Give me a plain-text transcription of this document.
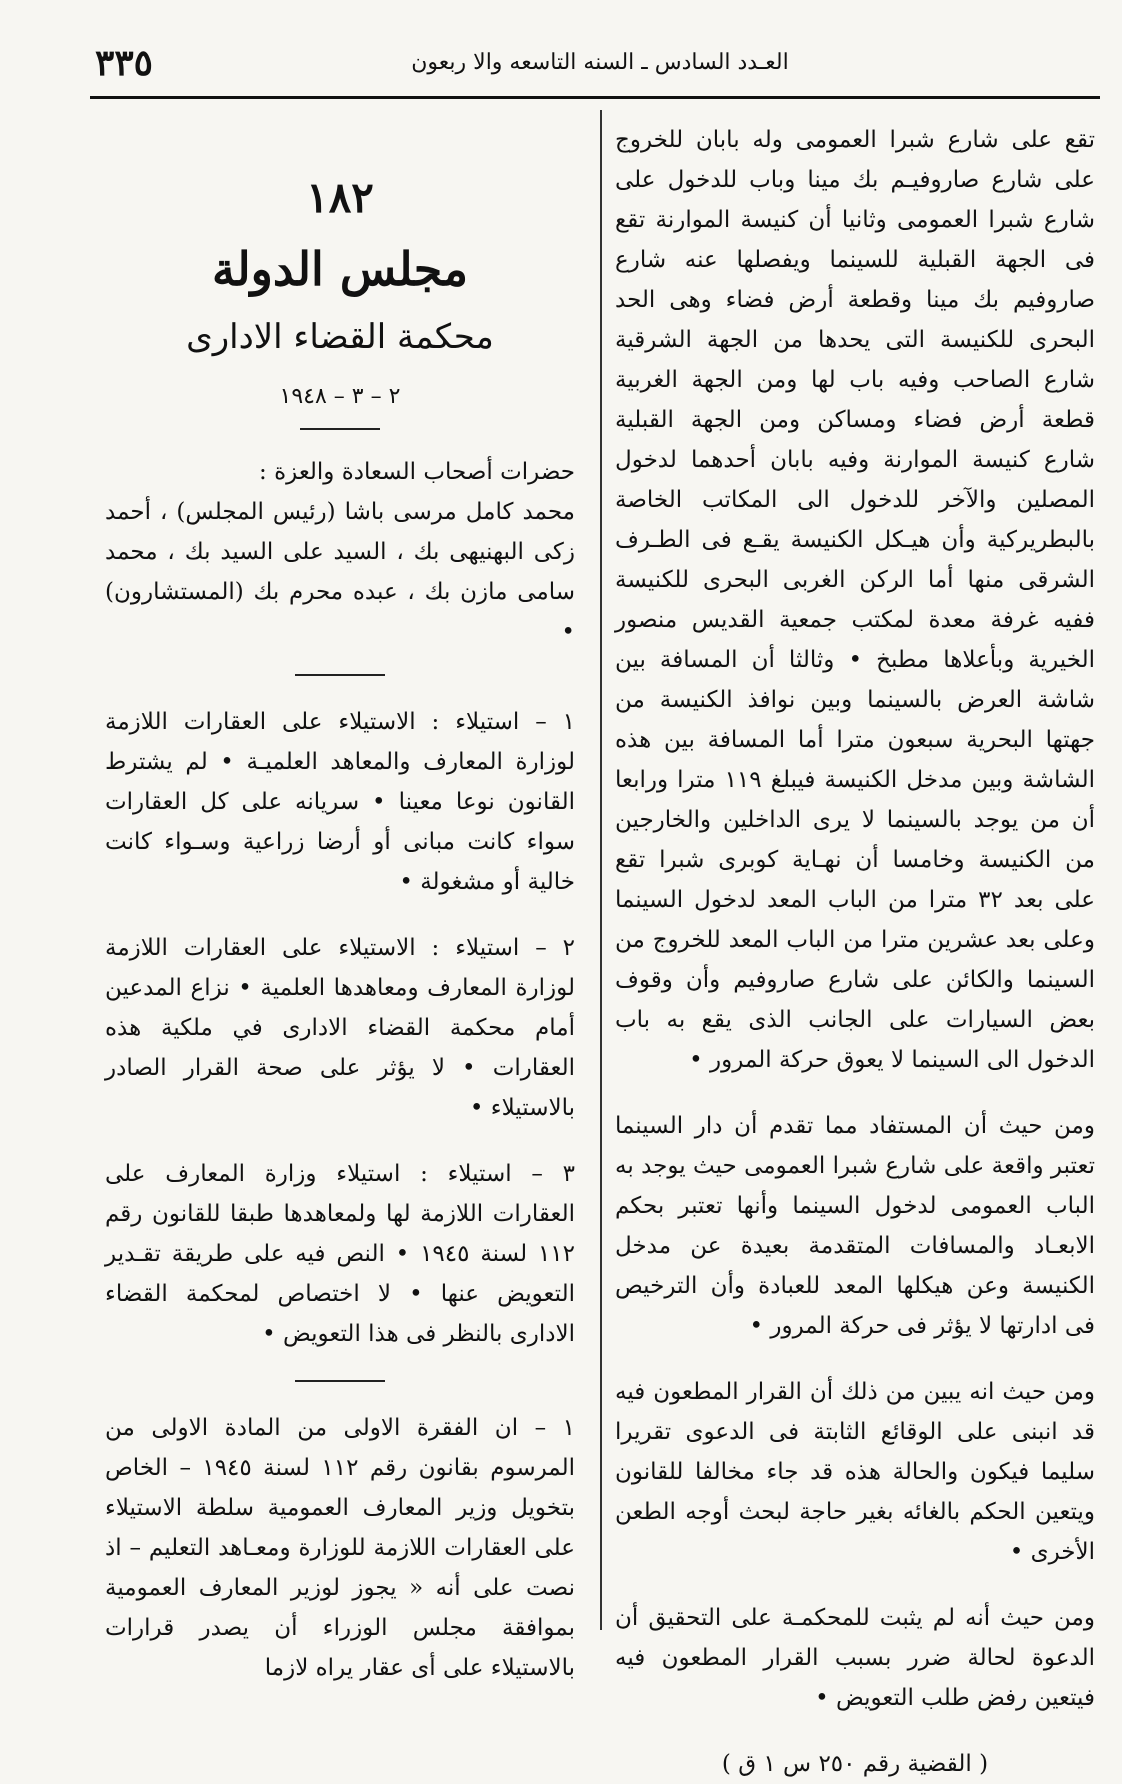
٣٣٥	العـدد السادس ـ السنه التاسعه والا ربعون

تقع على شارع شبرا العمومى وله بابان للخروج على شارع صاروفيـم بك مينا وباب للدخول على شارع شبرا العمومى وثانيا أن كنيسة الموارنة تقع فى الجهة القبلية للسينما ويفصلها عنه شارع صاروفيم بك مينا وقطعة أرض فضاء وهى الحد البحرى للكنيسة التى يحدها من الجهة الشرقية شارع الصاحب وفيه باب لها ومن الجهة الغربية قطعة أرض فضاء ومساكن ومن الجهة القبلية شارع كنيسة الموارنة وفيه بابان أحدهما لدخول المصلين والآخر للدخول الى المكاتب الخاصة بالبطريركية وأن هيـكل الكنيسة يقـع فى الطـرف الشرقى منها أما الركن الغربى البحرى للكنيسة ففيه غرفة معدة لمكتب جمعية القديس منصور الخيرية وبأعلاها مطبخ • وثالثا أن المسافة بين شاشة العرض بالسينما وبين نوافذ الكنيسة من جهتها البحرية سبعون مترا أما المسافة بين هذه الشاشة وبين مدخل الكنيسة فيبلغ ١١٩ مترا ورابعا أن من يوجد بالسينما لا يرى الداخلين والخارجين من الكنيسة وخامسا أن نهـاية كوبرى شبرا تقع على بعد ٣٢ مترا من الباب المعد لدخول السينما وعلى بعد عشرين مترا من الباب المعد للخروج من السينما والكائن على شارع صاروفيم وأن وقوف بعض السيارات على الجانب الذى يقع به باب الدخول الى السينما لا يعوق حركة المرور •

ومن حيث أن المستفاد مما تقدم أن دار السينما تعتبر واقعة على شارع شبرا العمومى حيث يوجد به الباب العمومى لدخول السينما وأنها تعتبر بحكم الابعـاد والمسافات المتقدمة بعيدة عن مدخل الكنيسة وعن هيكلها المعد للعبادة وأن الترخيص فى ادارتها لا يؤثر فى حركة المرور •

ومن حيث انه يبين من ذلك أن القرار المطعون فيه قد انبنى على الوقائع الثابتة فى الدعوى تقريرا سليما فيكون والحالة هذه قد جاء مخالفا للقانون ويتعين الحكم بالغائه بغير حاجة لبحث أوجه الطعن الأخرى •

ومن حيث أنه لم يثبت للمحكمـة على التحقيق أن الدعوة لحالة ضرر بسبب القرار المطعون فيه فيتعين رفض طلب التعويض •

( القضية رقم ٢٥٠ س ١ ق )
١٨٢
مجلس الدولة
محكمة القضاء الادارى
٢ – ٣ – ١٩٤٨

حضرات أصحاب السعادة والعزة :

محمد كامل مرسى باشا (رئيس المجلس) ، أحمد زكى البهنيهى بك ، السيد على السيد بك ، محمد سامى مازن بك ، عبده محرم بك (المستشارون) •

١ – استيلاء : الاستيلاء على العقارات اللازمة لوزارة المعارف والمعاهد العلميـة • لم يشترط القانون نوعا معينا • سريانه على كل العقارات سواء كانت مبانى أو أرضا زراعية وسـواء كانت خالية أو مشغولة •

٢ – استيلاء : الاستيلاء على العقارات اللازمة لوزارة المعارف ومعاهدها العلمية • نزاع المدعين أمام محكمة القضاء الادارى في ملكية هذه العقارات • لا يؤثر على صحة القرار الصادر بالاستيلاء •

٣ – استيلاء : استيلاء وزارة المعارف على العقارات اللازمة لها ولمعاهدها طبقا للقانون رقم ١١٢ لسنة ١٩٤٥ • النص فيه على طريقة تقـدير التعويض عنها • لا اختصاص لمحكمة القضاء الادارى بالنظر فى هذا التعويض •

١ – ان الفقرة الاولى من المادة الاولى من المرسوم بقانون رقم ١١٢ لسنة ١٩٤٥ – الخاص بتخويل وزير المعارف العمومية سلطة الاستيلاء على العقارات اللازمة للوزارة ومعـاهد التعليم – اذ نصت على أنه « يجوز لوزير المعارف العمومية بموافقة مجلس الوزراء أن يصدر قرارات بالاستيلاء على أى عقار يراه لازما
